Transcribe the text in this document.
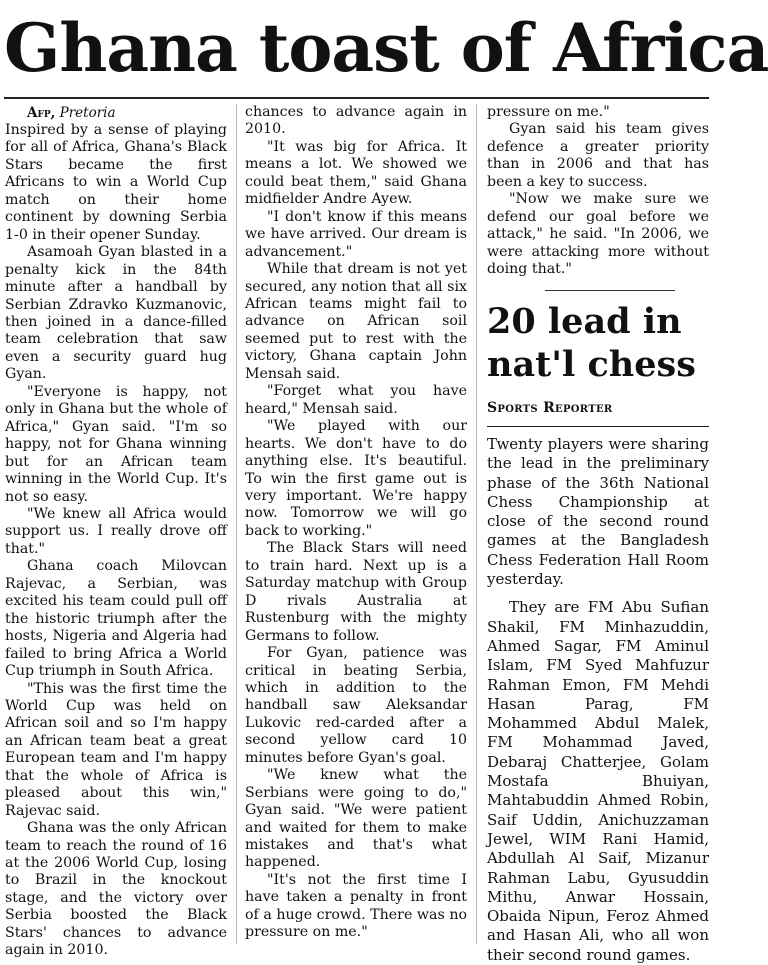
Ghana toast of Africa

Afp, Pretoria

Inspired by a sense of playing for all of Africa, Ghana's Black Stars became the first Africans to win a World Cup match on their home continent by downing Serbia 1-0 in their opener Sunday.

Asamoah Gyan blasted in a penalty kick in the 84th minute after a handball by Serbian Zdravko Kuzmanovic, then joined in a dance-filled team celebration that saw even a security guard hug Gyan.

"Everyone is happy, not only in Ghana but the whole of Africa," Gyan said. "I'm so happy, not for Ghana winning but for an African team winning in the World Cup. It's not so easy.

"We knew all Africa would support us. I really drove off that."

Ghana coach Milovcan Rajevac, a Serbian, was excited his team could pull off the historic triumph after the hosts, Nigeria and Algeria had failed to bring Africa a World Cup triumph in South Africa.

"This was the first time the World Cup was held on African soil and so I'm happy an African team beat a great European team and I'm happy that the whole of Africa is pleased about this win," Rajevac said.

Ghana was the only African team to reach the round of 16 at the 2006 World Cup, losing to Brazil in the knockout stage, and the victory over Serbia boosted the Black Stars' chances to advance again in 2010.

chances to advance again in 2010.

"It was big for Africa. It means a lot. We showed we could beat them," said Ghana midfielder Andre Ayew.

"I don't know if this means we have arrived. Our dream is advancement."

While that dream is not yet secured, any notion that all six African teams might fail to advance on African soil seemed put to rest with the victory, Ghana captain John Mensah said.

"Forget what you have heard," Mensah said.

"We played with our hearts. We don't have to do anything else. It's beautiful. To win the first game out is very important. We're happy now. Tomorrow we will go back to working."

The Black Stars will need to train hard. Next up is a Saturday matchup with Group D rivals Australia at Rustenburg with the mighty Germans to follow.

For Gyan, patience was critical in beating Serbia, which in addition to the handball saw Aleksandar Lukovic red-carded after a second yellow card 10 minutes before Gyan's goal.

"We knew what the Serbians were going to do," Gyan said. "We were patient and waited for them to make mistakes and that's what happened.

"It's not the first time I have taken a penalty in front of a huge crowd. There was no pressure on me."

pressure on me."

Gyan said his team gives defence a greater priority than in 2006 and that has been a key to success.

"Now we make sure we defend our goal before we attack," he said. "In 2006, we were attacking more without doing that."

20 lead in nat'l chess
Sports Reporter

Twenty players were sharing the lead in the preliminary phase of the 36th National Chess Championship at close of the second round games at the Bangladesh Chess Federation Hall Room yesterday.

They are FM Abu Sufian Shakil, FM Minhazuddin, Ahmed Sagar, FM Aminul Islam, FM Syed Mahfuzur Rahman Emon, FM Mehdi Hasan Parag, FM Mohammed Abdul Malek, FM Mohammad Javed, Debaraj Chatterjee, Golam Mostafa Bhuiyan, Mahtabuddin Ahmed Robin, Saif Uddin, Anichuzzaman Jewel, WIM Rani Hamid, Abdullah Al Saif, Mizanur Rahman Labu, Gyusuddin Mithu, Anwar Hossain, Obaida Nipun, Feroz Ahmed and Hasan Ali, who all won their second round games.
